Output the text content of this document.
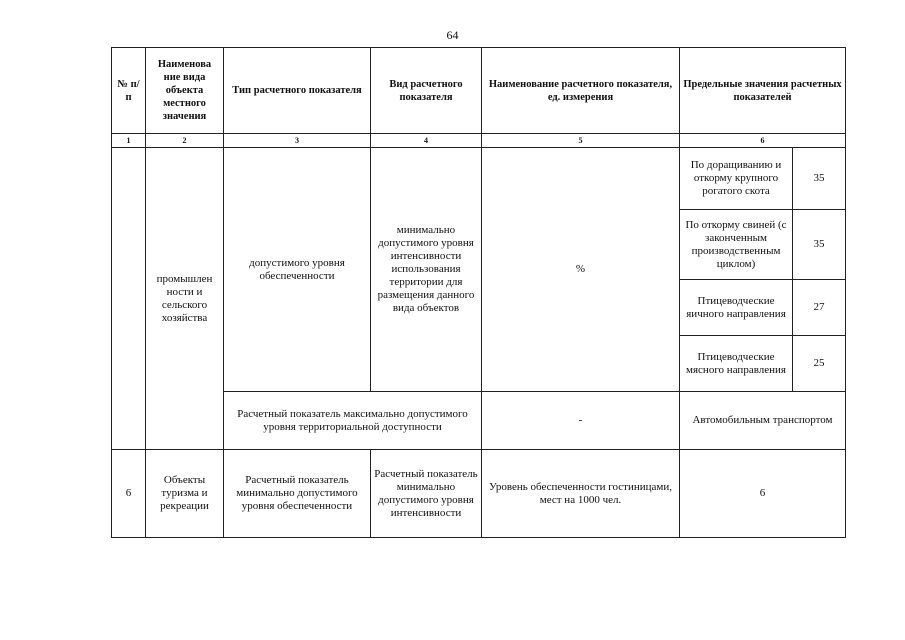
64
№ п/п	Наименова ние вида объекта местного значения	Тип расчетного показателя	Вид расчетного показателя	Наименование расчетного показателя, ед. измерения	Предельные значения расчетных показателей	
1	2	3	4	5	6	
	промышлен ности и сельского хозяйства	допустимого уровня обеспеченности	минимально допустимого уровня интенсивности использования территории для размещения данного вида объектов	%	По доращиванию и откорму крупного рогатого скота	35
					По откорму свиней (с законченным производственным циклом)	35
					Птицеводческие яичного направления	27
					Птицеводческие мясного направления	25
		Расчетный показатель максимально допустимого уровня территориальной доступности		-	Автомобильным транспортом	
6	Объекты туризма и рекреации	Расчетный показатель минимально допустимого уровня обеспеченности	Расчетный показатель минимально допустимого уровня интенсивности	Уровень обеспеченности гостиницами, мест на 1000 чел.	6	
